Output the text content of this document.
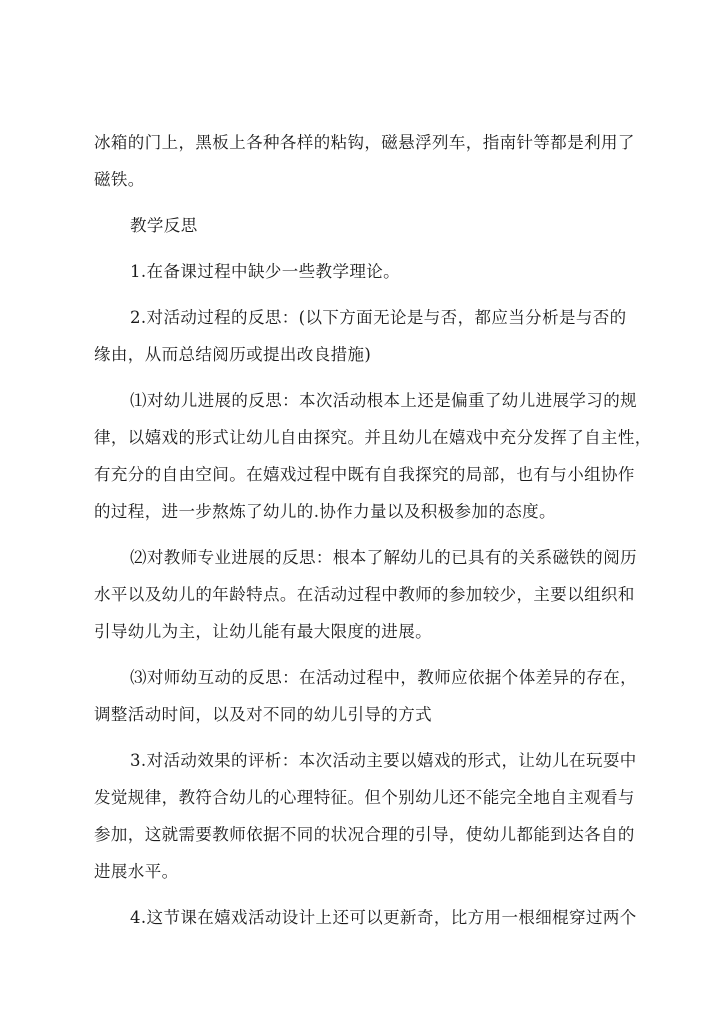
冰箱的门上，黑板上各种各样的粘钩，磁悬浮列车，指南针等都是利用了
磁铁。

教学反思

1.在备课过程中缺少一些教学理论。

2.对活动过程的反思：(以下方面无论是与否，都应当分析是与否的
缘由，从而总结阅历或提出改良措施)

⑴对幼儿进展的反思：本次活动根本上还是偏重了幼儿进展学习的规
律，以嬉戏的形式让幼儿自由探究。并且幼儿在嬉戏中充分发挥了自主性，
有充分的自由空间。在嬉戏过程中既有自我探究的局部，也有与小组协作
的过程，进一步熬炼了幼儿的.协作力量以及积极参加的态度。

⑵对教师专业进展的反思：根本了解幼儿的已具有的关系磁铁的阅历
水平以及幼儿的年龄特点。在活动过程中教师的参加较少，主要以组织和
引导幼儿为主，让幼儿能有最大限度的进展。

⑶对师幼互动的反思：在活动过程中，教师应依据个体差异的存在，
调整活动时间，以及对不同的幼儿引导的方式

3.对活动效果的评析：本次活动主要以嬉戏的形式，让幼儿在玩耍中
发觉规律，教符合幼儿的心理特征。但个别幼儿还不能完全地自主观看与
参加，这就需要教师依据不同的状况合理的引导，使幼儿都能到达各自的
进展水平。

4.这节课在嬉戏活动设计上还可以更新奇，比方用一根细棍穿过两个
